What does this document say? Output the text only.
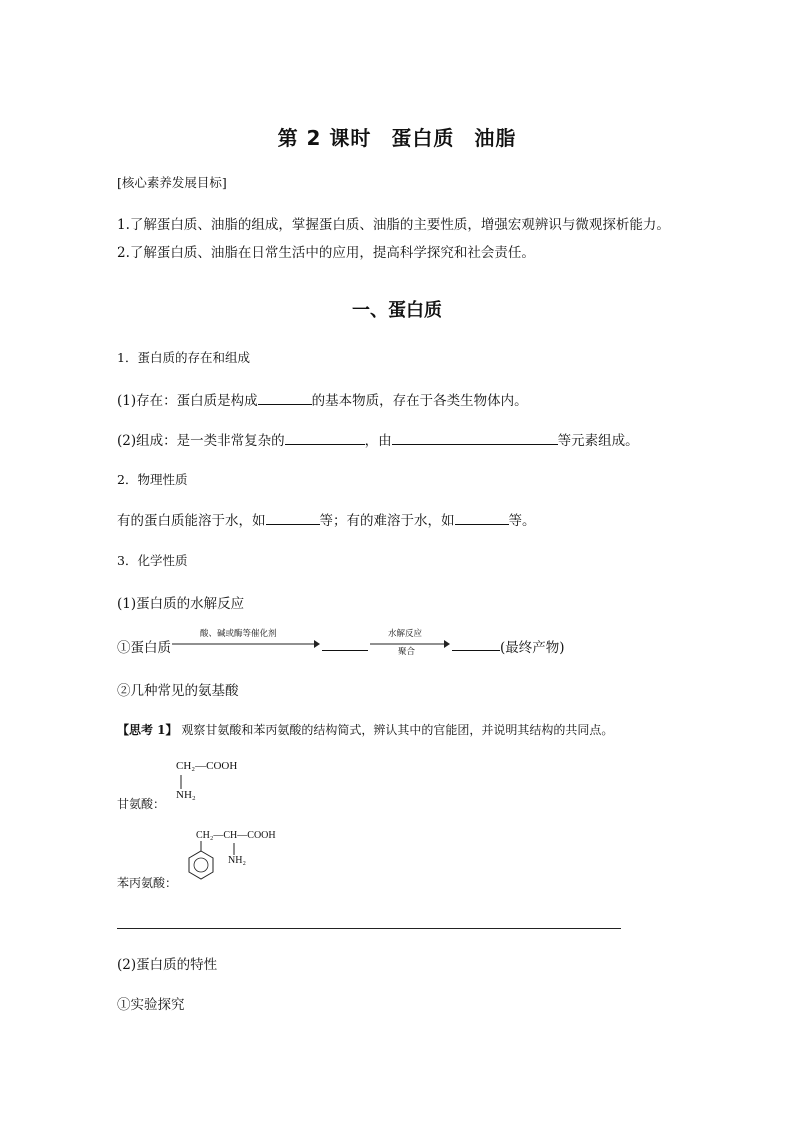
第 2 课时 蛋白质 油脂
[核心素养发展目标]
1.了解蛋白质、油脂的组成，掌握蛋白质、油脂的主要性质，增强宏观辨识与微观探析能力。
2.了解蛋白质、油脂在日常生活中的应用，提高科学探究和社会责任。
一、蛋白质
1．蛋白质的存在和组成
(1)存在：蛋白质是构成	的基本物质，存在于各类生物体内。
(2)组成：是一类非常复杂的	，由	等元素组成。
2．物理性质
有的蛋白质能溶于水，如	等；有的难溶于水，如	等。
3．化学性质
(1)蛋白质的水解反应
①蛋白质
酸、碱或酶等催化剂	水解反应
聚合	(最终产物)
②几种常见的氨基酸
【思考 1】 观察甘氨酸和苯丙氨酸的结构简式，辨认其中的官能团，并说明其结构的共同点。
CH₂—COOH
NH₂
甘氨酸：
CH₂—CH—COOH
NH₂
苯丙氨酸：
(2)蛋白质的特性
①实验探究
